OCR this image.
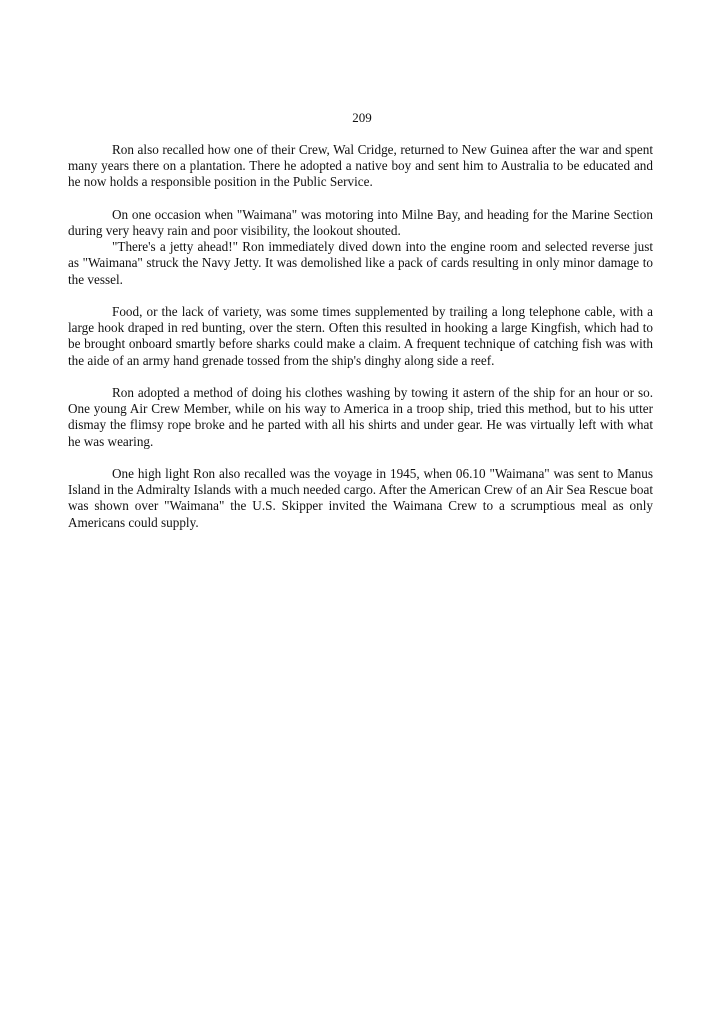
209

Ron also recalled how one of their Crew, Wal Cridge, returned to New Guinea after the war and spent many years there on a plantation. There he adopted a native boy and sent him to Australia to be educated and he now holds a responsible position in the Public Service.

On one occasion when "Waimana" was motoring into Milne Bay, and heading for the Marine Section during very heavy rain and poor visibility, the lookout shouted.

"There's a jetty ahead!" Ron immediately dived down into the engine room and selected reverse just as "Waimana" struck the Navy Jetty. It was demolished like a pack of cards resulting in only minor damage to the vessel.

Food, or the lack of variety, was some times supplemented by trailing a long telephone cable, with a large hook draped in red bunting, over the stern. Often this resulted in hooking a large Kingfish, which had to be brought onboard smartly before sharks could make a claim. A frequent technique of catching fish was with the aide of an army hand grenade tossed from the ship's dinghy along side a reef.

Ron adopted a method of doing his clothes washing by towing it astern of the ship for an hour or so. One young Air Crew Member, while on his way to America in a troop ship, tried this method, but to his utter dismay the flimsy rope broke and he parted with all his shirts and under gear. He was virtually left with what he was wearing.

One high light Ron also recalled was the voyage in 1945, when 06.10 "Waimana" was sent to Manus Island in the Admiralty Islands with a much needed cargo. After the American Crew of an Air Sea Rescue boat was shown over "Waimana" the U.S. Skipper invited the Waimana Crew to a scrumptious meal as only Americans could supply.
